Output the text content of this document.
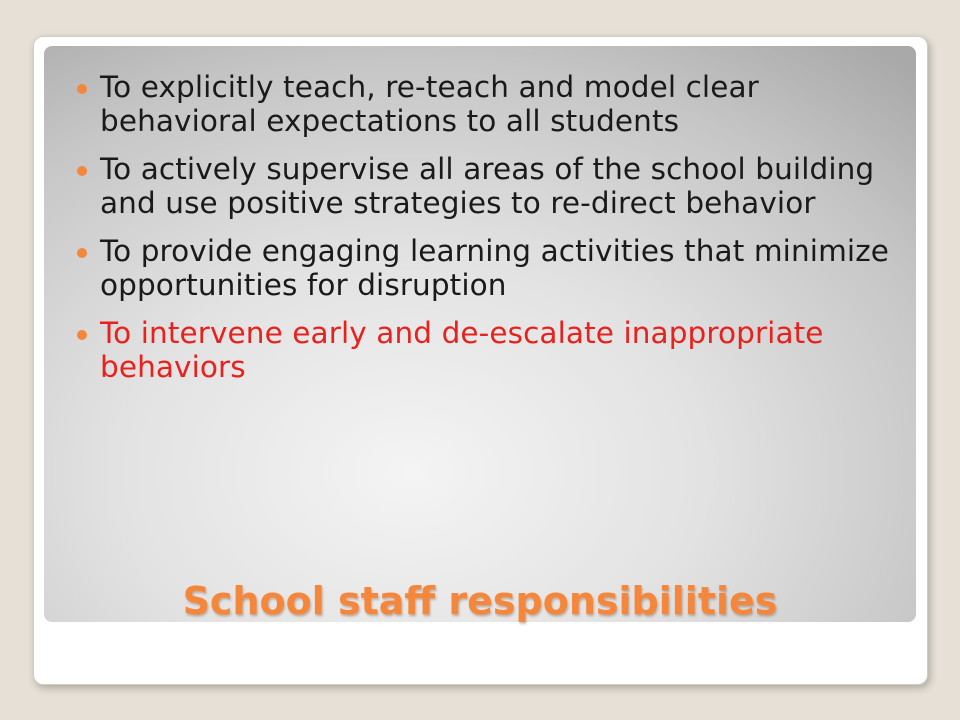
To explicitly teach, re-teach and model clear behavioral expectations to all students
To actively supervise all areas of the school building and use positive strategies to re-direct behavior
To provide engaging learning activities that minimize opportunities for disruption
To intervene early and de-escalate inappropriate behaviors
School staff responsibilities
